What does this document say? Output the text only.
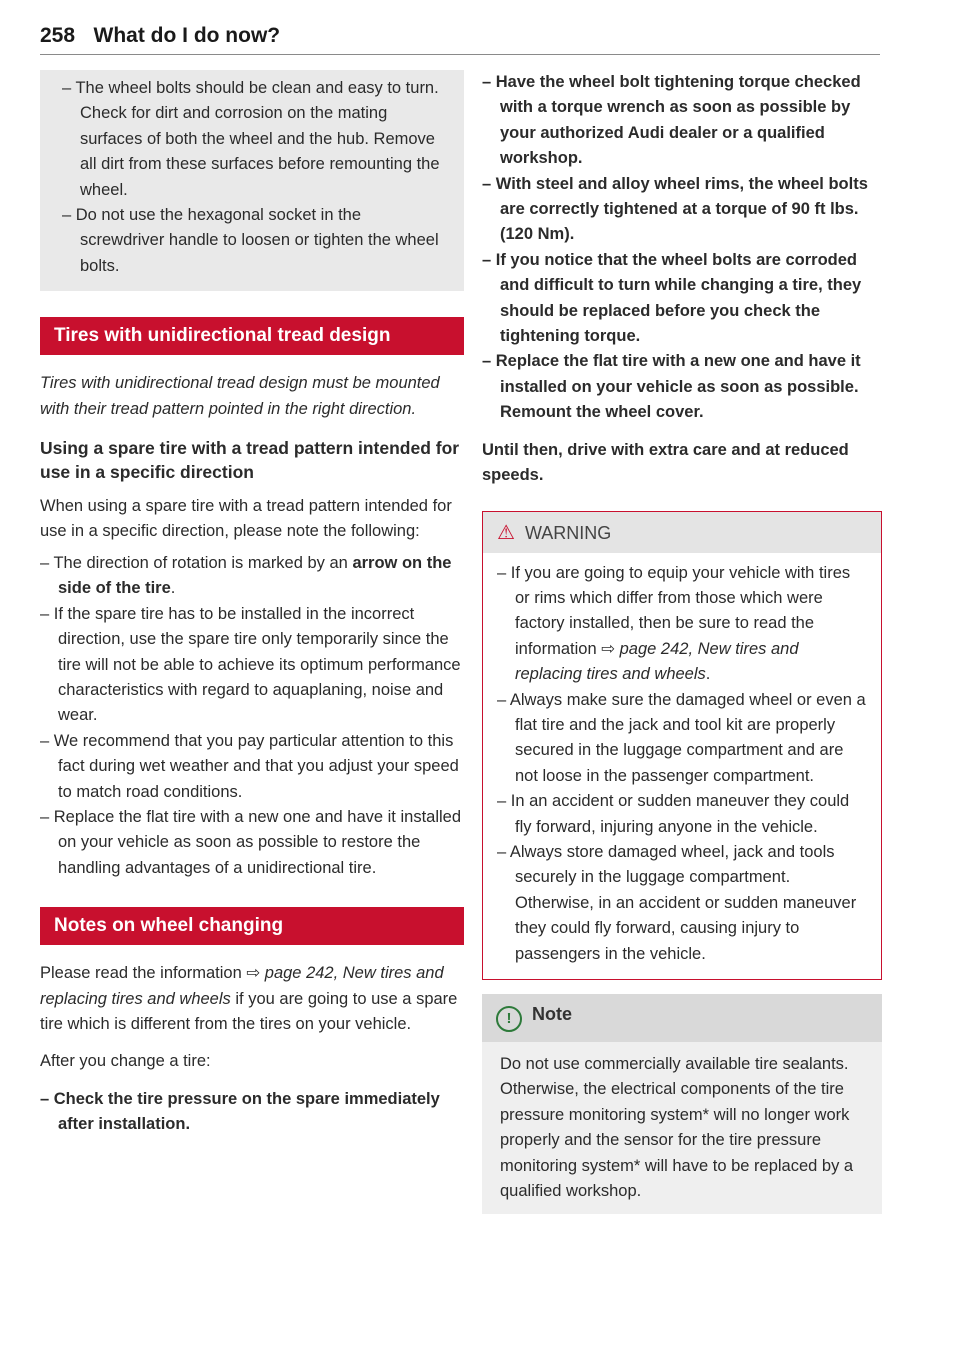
258 What do I do now?

– The wheel bolts should be clean and easy to turn. Check for dirt and corrosion on the mating surfaces of both the wheel and the hub. Remove all dirt from these surfaces before remounting the wheel.

– Do not use the hexagonal socket in the screwdriver handle to loosen or tighten the wheel bolts.

Tires with unidirectional tread design

Tires with unidirectional tread design must be mounted with their tread pattern pointed in the right direction.

Using a spare tire with a tread pattern intended for use in a specific direction

When using a spare tire with a tread pattern intended for use in a specific direction, please note the following:

– The direction of rotation is marked by an arrow on the side of the tire.

– If the spare tire has to be installed in the incorrect direction, use the spare tire only temporarily since the tire will not be able to achieve its optimum performance characteristics with regard to aquaplaning, noise and wear.

– We recommend that you pay particular attention to this fact during wet weather and that you adjust your speed to match road conditions.

– Replace the flat tire with a new one and have it installed on your vehicle as soon as possible to restore the handling advantages of a unidirectional tire.

Notes on wheel changing

Please read the information ⇨ page 242, New tires and replacing tires and wheels if you are going to use a spare tire which is different from the tires on your vehicle.

After you change a tire:

– Check the tire pressure on the spare immediately after installation.

– Have the wheel bolt tightening torque checked with a torque wrench as soon as possible by your authorized Audi dealer or a qualified workshop.

– With steel and alloy wheel rims, the wheel bolts are correctly tightened at a torque of 90 ft lbs. (120 Nm).

– If you notice that the wheel bolts are corroded and difficult to turn while changing a tire, they should be replaced before you check the tightening torque.

– Replace the flat tire with a new one and have it installed on your vehicle as soon as possible. Remount the wheel cover.

Until then, drive with extra care and at reduced speeds.

⚠ WARNING

– If you are going to equip your vehicle with tires or rims which differ from those which were factory installed, then be sure to read the information ⇨ page 242, New tires and replacing tires and wheels.

– Always make sure the damaged wheel or even a flat tire and the jack and tool kit are properly secured in the luggage compartment and are not loose in the passenger compartment.

– In an accident or sudden maneuver they could fly forward, injuring anyone in the vehicle.

– Always store damaged wheel, jack and tools securely in the luggage compartment. Otherwise, in an accident or sudden maneuver they could fly forward, causing injury to passengers in the vehicle.

! Note

Do not use commercially available tire sealants. Otherwise, the electrical components of the tire pressure monitoring system* will no longer work properly and the sensor for the tire pressure monitoring system* will have to be replaced by a qualified workshop.
